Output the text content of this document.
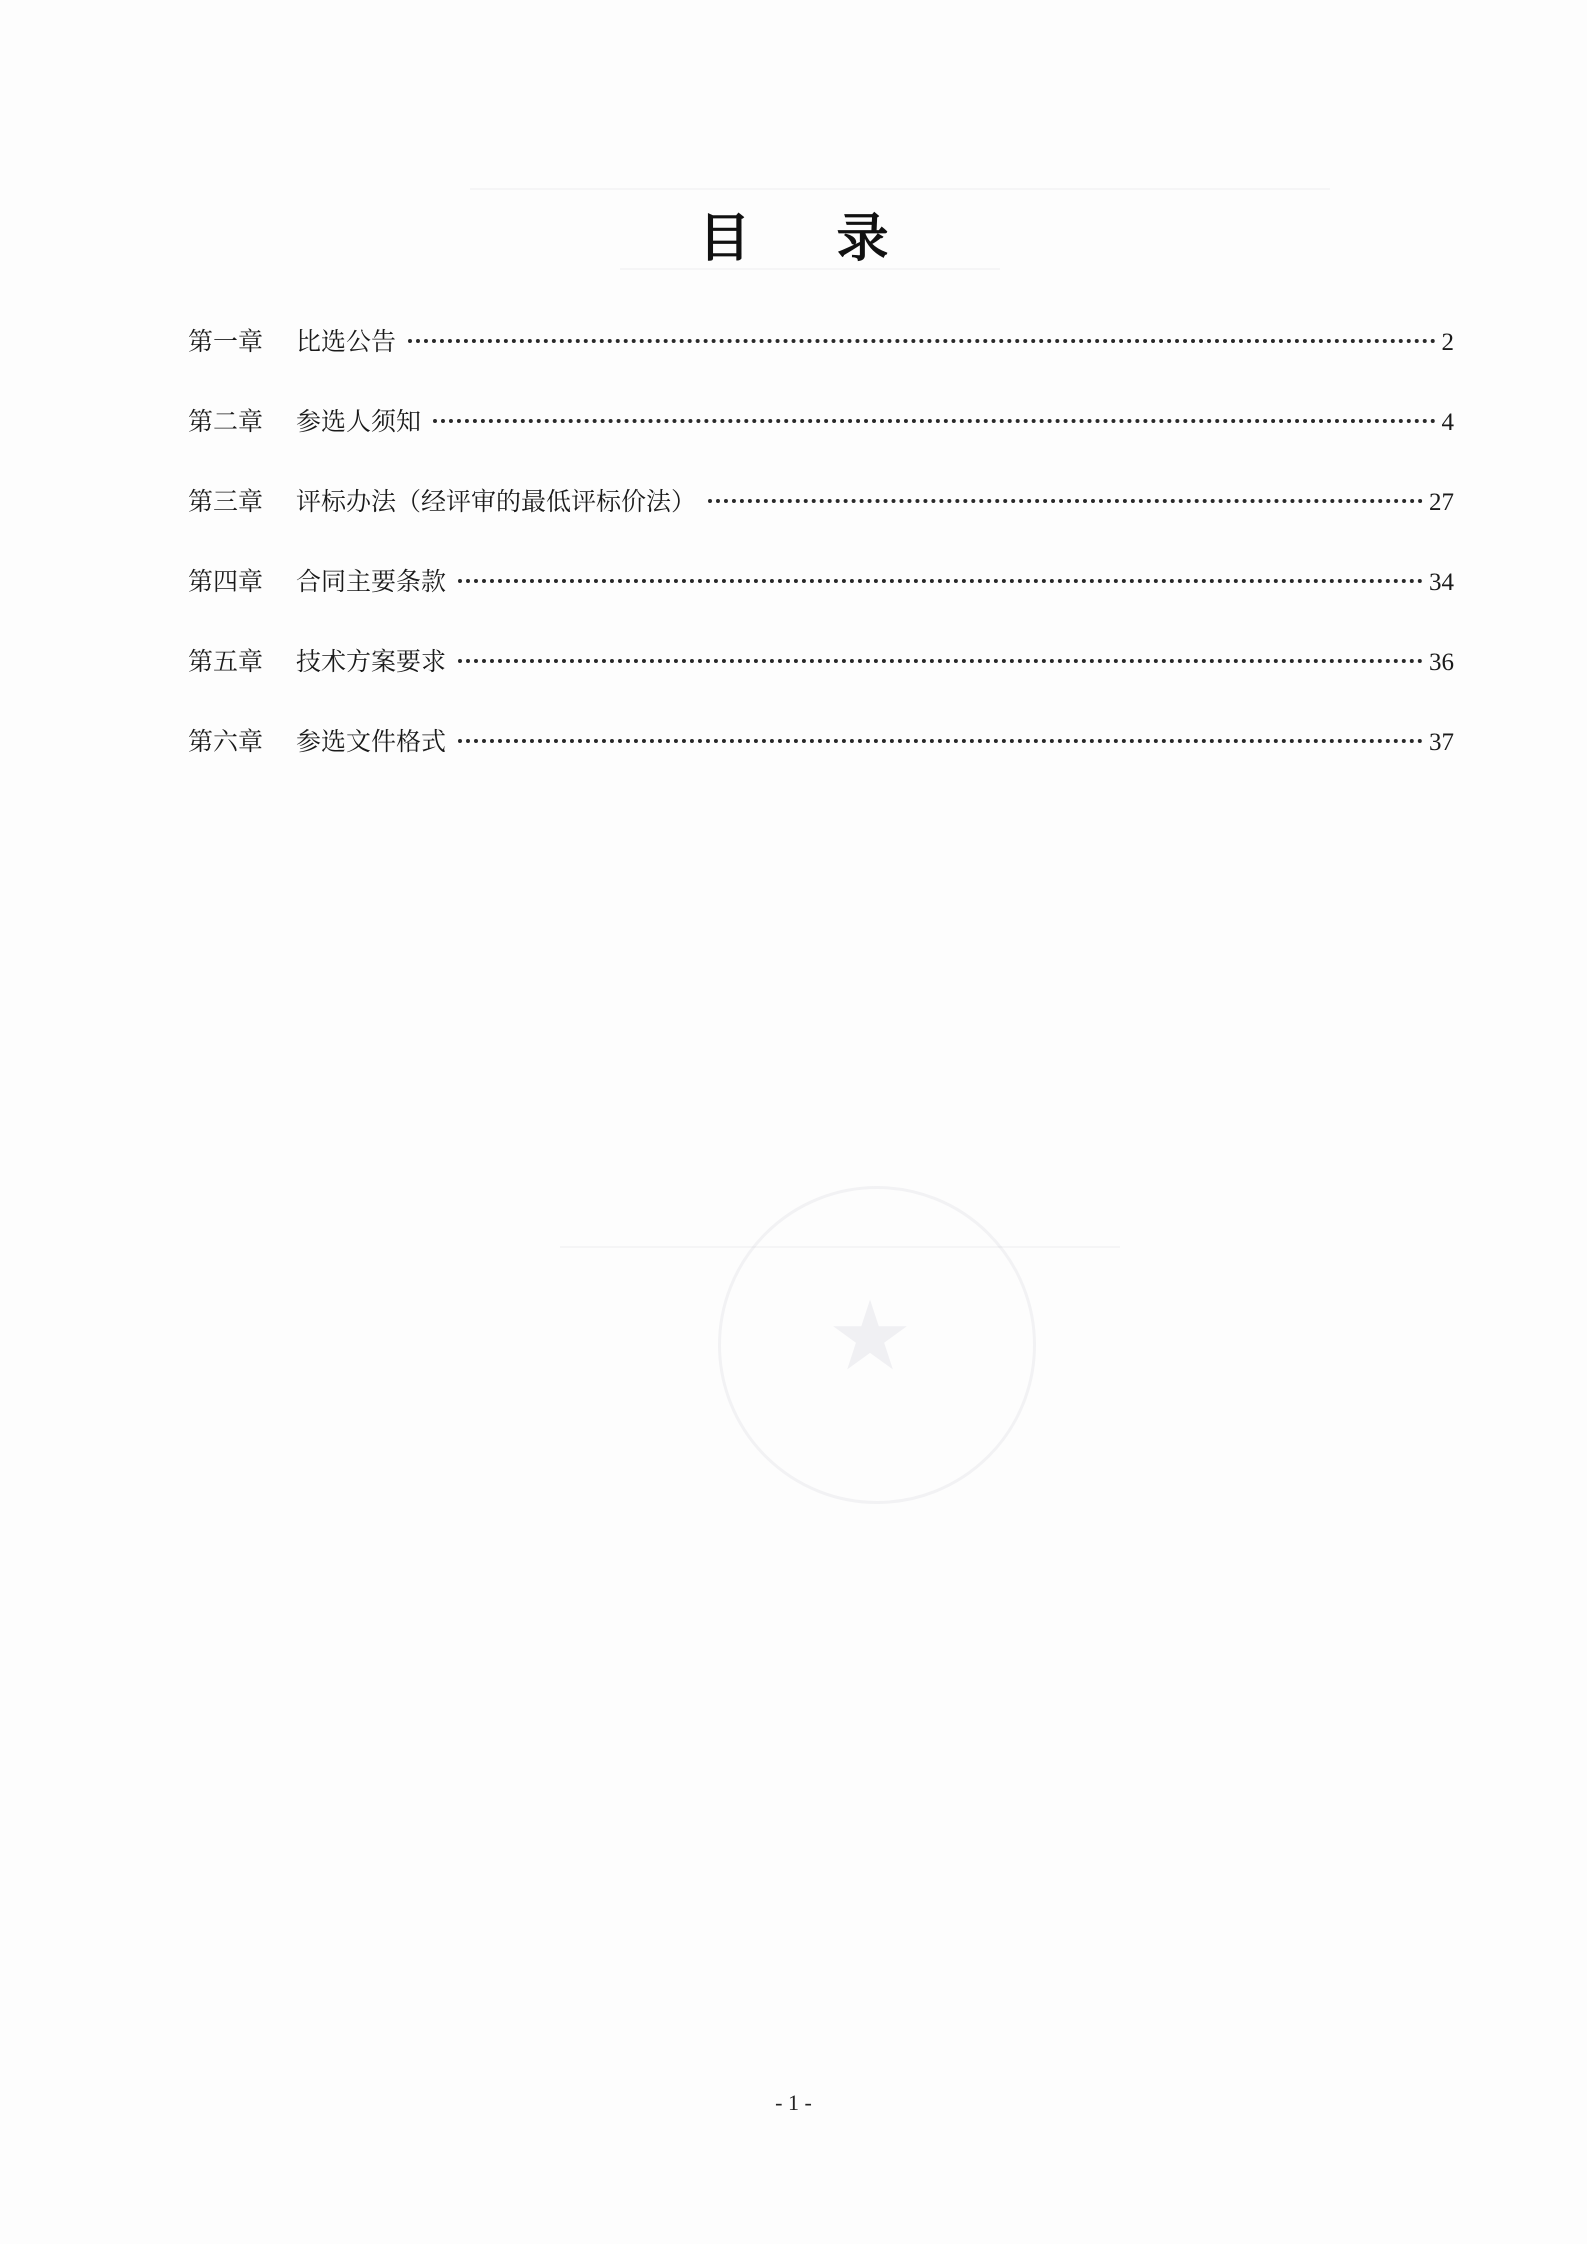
★
目 录
第一章	比选公告	2
第二章	参选人须知	4
第三章	评标办法（经评审的最低评标价法）	27
第四章	合同主要条款	34
第五章	技术方案要求	36
第六章	参选文件格式	37
- 1 -
